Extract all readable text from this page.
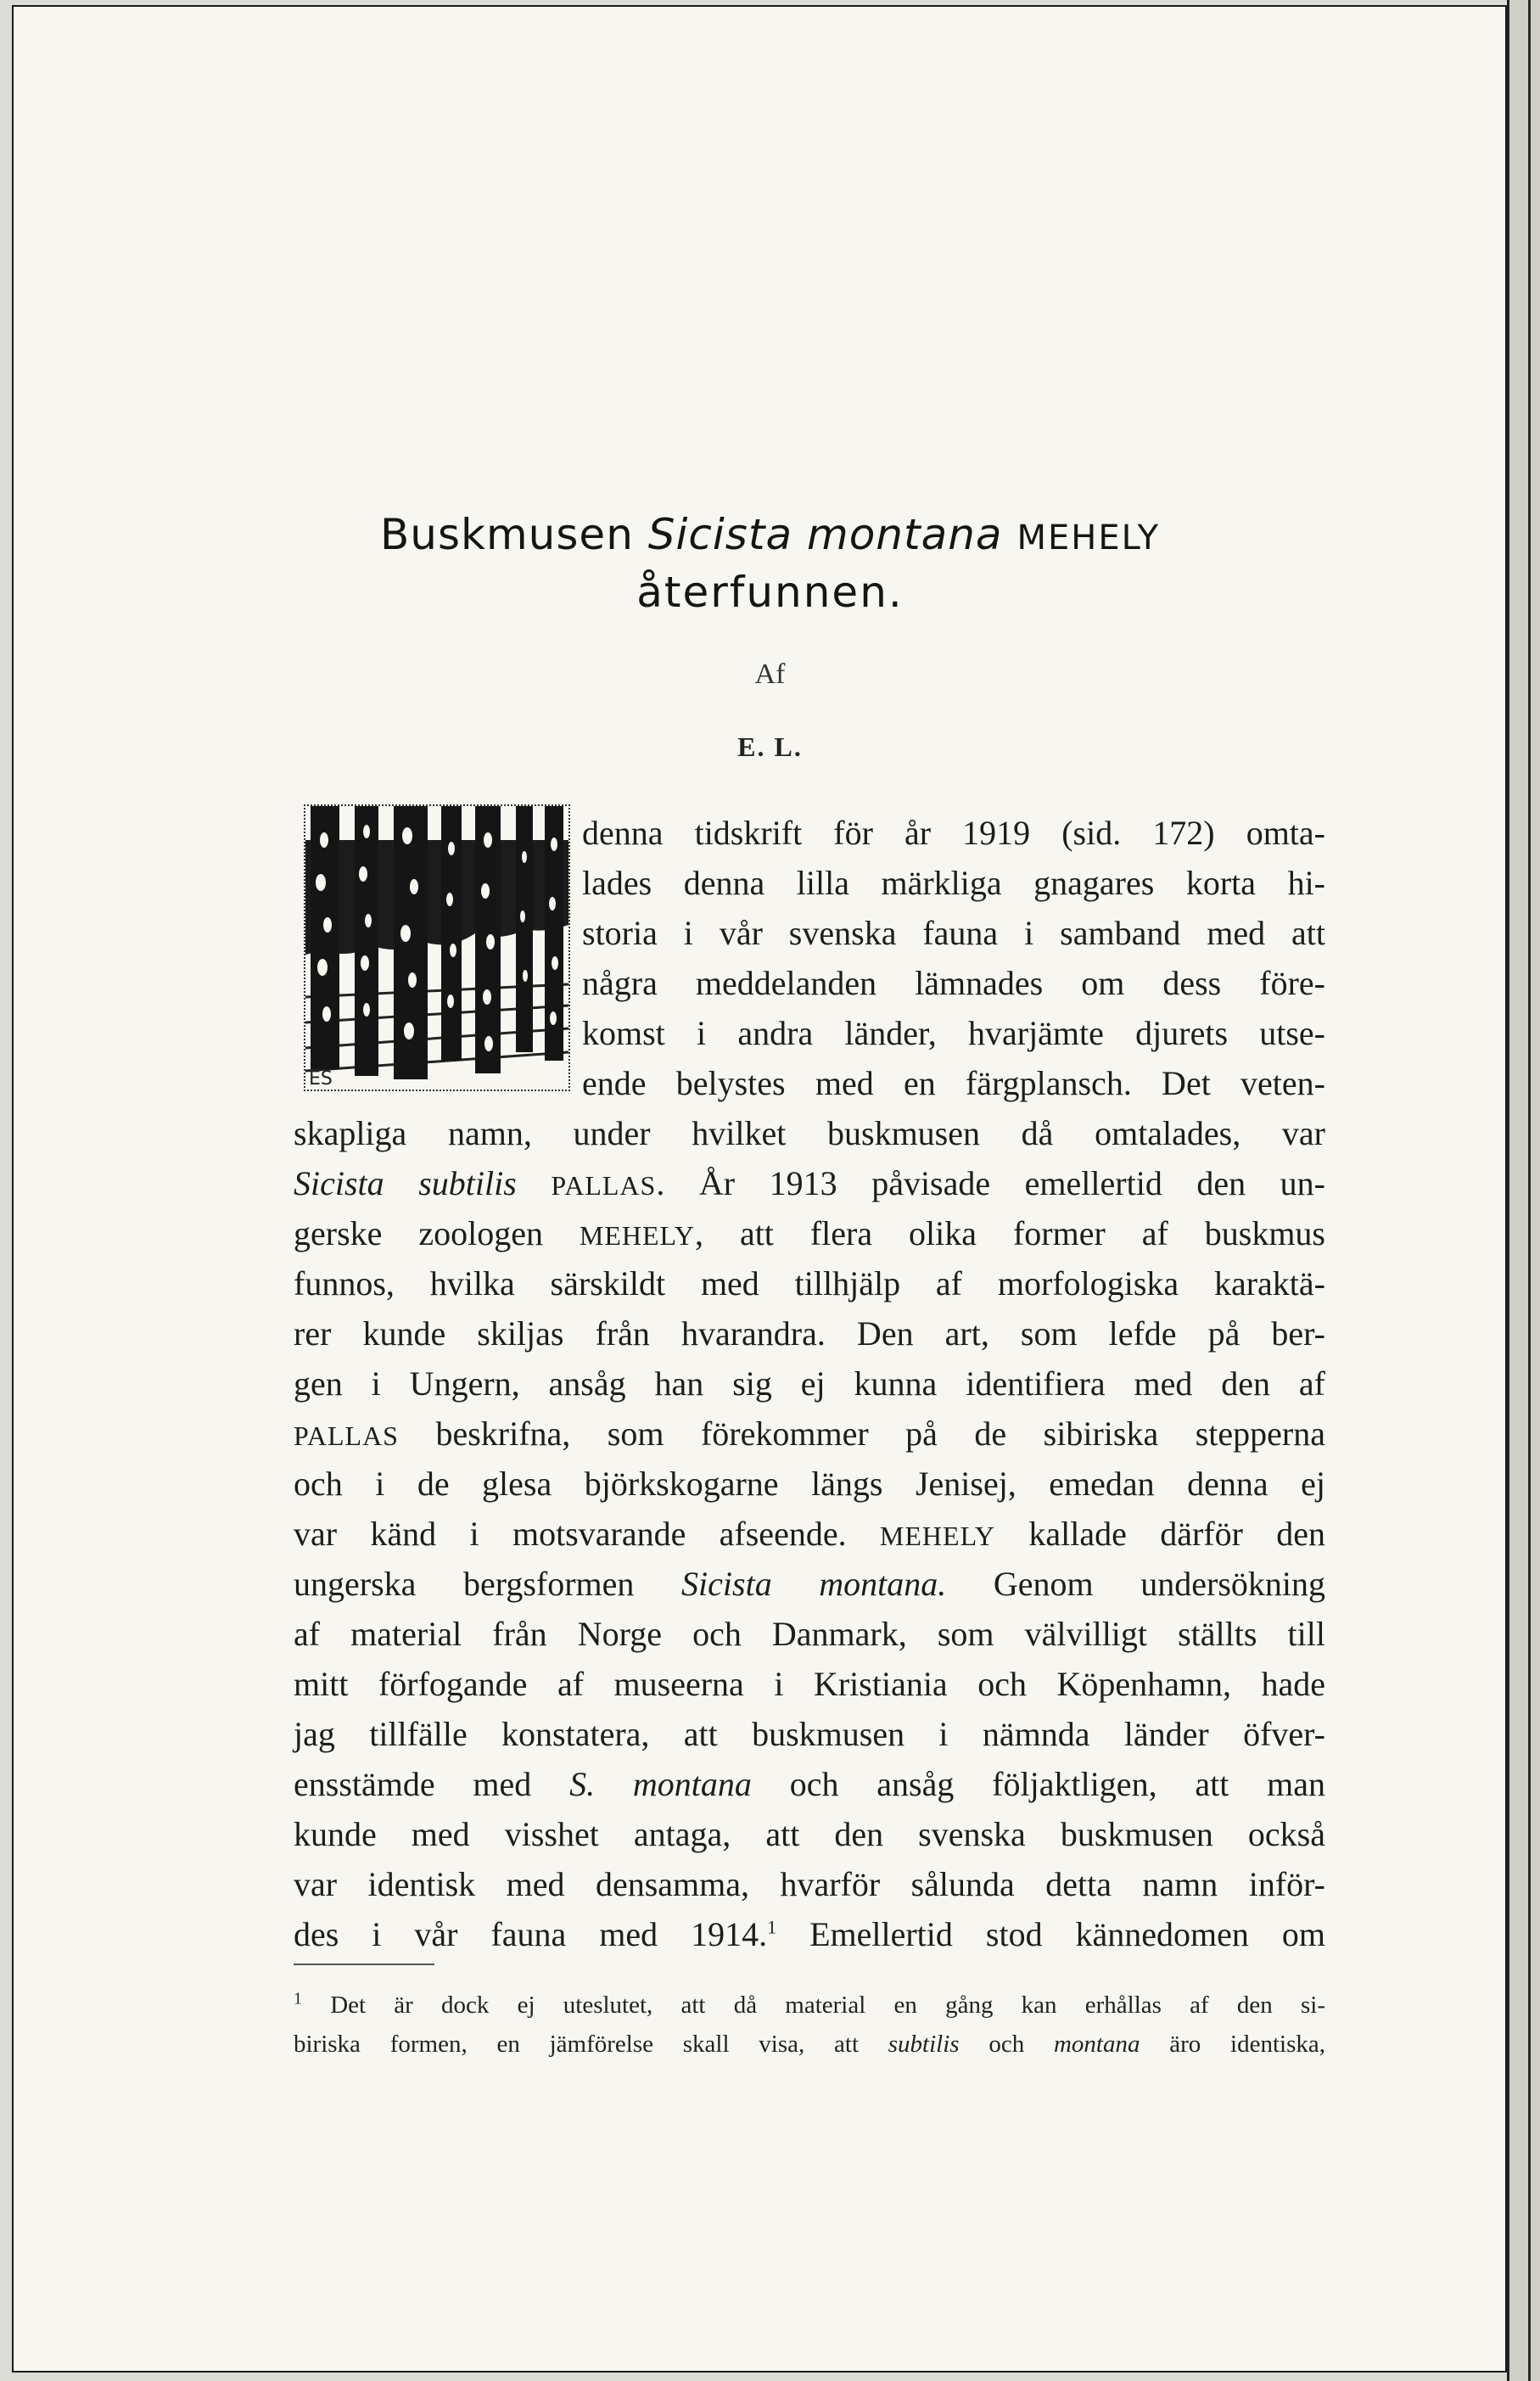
Buskmusen Sicista montana MEHELY
återfunnen.
Af
E. L.
ES
denna tidskrift för år 1919 (sid. 172) omta-
lades denna lilla märkliga gnagares korta hi-
storia i vår svenska fauna i samband med att
några meddelanden lämnades om dess före-
komst i andra länder, hvarjämte djurets utse-
ende belystes med en färgplansch. Det veten-
skapliga namn, under hvilket buskmusen då omtalades, var
Sicista subtilis PALLAS. År 1913 påvisade emellertid den un-
gerske zoologen MEHELY, att flera olika former af buskmus
funnos, hvilka särskildt med tillhjälp af morfologiska karaktä-
rer kunde skiljas från hvarandra. Den art, som lefde på ber-
gen i Ungern, ansåg han sig ej kunna identifiera med den af
PALLAS beskrifna, som förekommer på de sibiriska stepperna
och i de glesa björkskogarne längs Jenisej, emedan denna ej
var känd i motsvarande afseende. MEHELY kallade därför den
ungerska bergsformen Sicista montana. Genom undersökning
af material från Norge och Danmark, som välvilligt ställts till
mitt förfogande af museerna i Kristiania och Köpenhamn, hade
jag tillfälle konstatera, att buskmusen i nämnda länder öfver-
ensstämde med S. montana och ansåg följaktligen, att man
kunde med visshet antaga, att den svenska buskmusen också
var identisk med densamma, hvarför sålunda detta namn inför-
des i vår fauna med 1914.$^1$ Emellertid stod kännedomen om
$^1$ Det är dock ej uteslutet, att då material en gång kan erhållas af den si-
biriska formen, en jämförelse skall visa, att subtilis och montana äro identiska,
